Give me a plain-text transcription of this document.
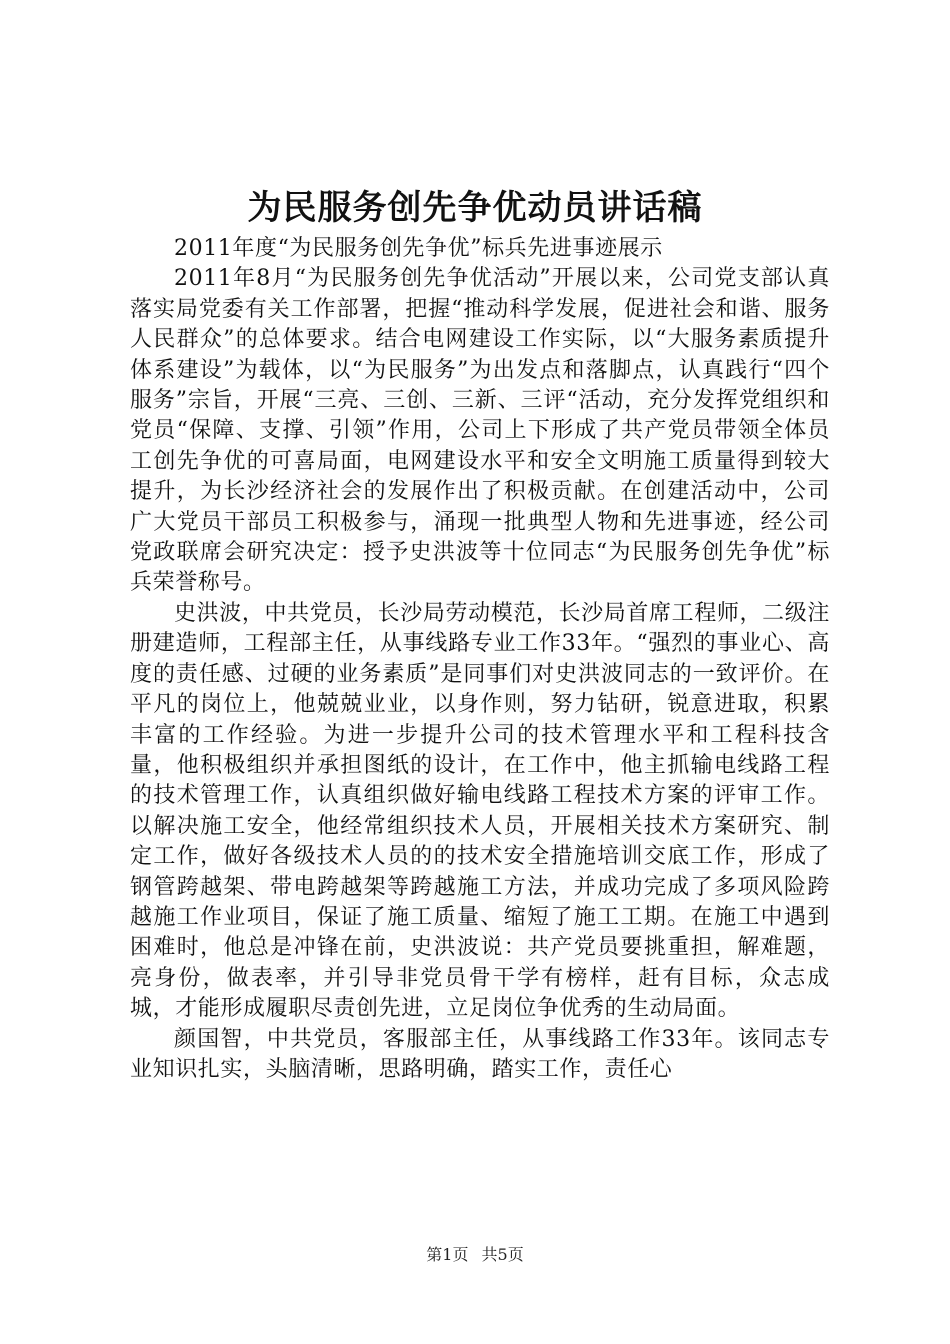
为民服务创先争优动员讲话稿

2011年度“为民服务创先争优”标兵先进事迹展示

2011年8月“为民服务创先争优活动”开展以来，公司党支部认真落实局党委有关工作部署，把握“推动科学发展，促进社会和谐、服务人民群众”的总体要求。结合电网建设工作实际，以“大服务素质提升体系建设”为载体，以“为民服务”为出发点和落脚点，认真践行“四个服务”宗旨，开展“三亮、三创、三新、三评“活动，充分发挥党组织和党员“保障、支撑、引领”作用，公司上下形成了共产党员带领全体员工创先争优的可喜局面，电网建设水平和安全文明施工质量得到较大提升，为长沙经济社会的发展作出了积极贡献。在创建活动中，公司广大党员干部员工积极参与，涌现一批典型人物和先进事迹，经公司党政联席会研究决定：授予史洪波等十位同志“为民服务创先争优”标兵荣誉称号。

史洪波，中共党员，长沙局劳动模范，长沙局首席工程师，二级注册建造师，工程部主任，从事线路专业工作33年。“强烈的事业心、高度的责任感、过硬的业务素质”是同事们对史洪波同志的一致评价。在平凡的岗位上，他兢兢业业，以身作则，努力钻研，锐意进取，积累丰富的工作经验。为进一步提升公司的技术管理水平和工程科技含量，他积极组织并承担图纸的设计，在工作中，他主抓输电线路工程的技术管理工作，认真组织做好输电线路工程技术方案的评审工作。以解决施工安全，他经常组织技术人员，开展相关技术方案研究、制定工作，做好各级技术人员的的技术安全措施培训交底工作，形成了钢管跨越架、带电跨越架等跨越施工方法，并成功完成了多项风险跨越施工作业项目，保证了施工质量、缩短了施工工期。在施工中遇到困难时，他总是冲锋在前，史洪波说：共产党员要挑重担，解难题，亮身份，做表率，并引导非党员骨干学有榜样，赶有目标，众志成城，才能形成履职尽责创先进，立足岗位争优秀的生动局面。

颜国智，中共党员，客服部主任，从事线路工作33年。该同志专业知识扎实，头脑清晰，思路明确，踏实工作，责任心

第1页 共5页
